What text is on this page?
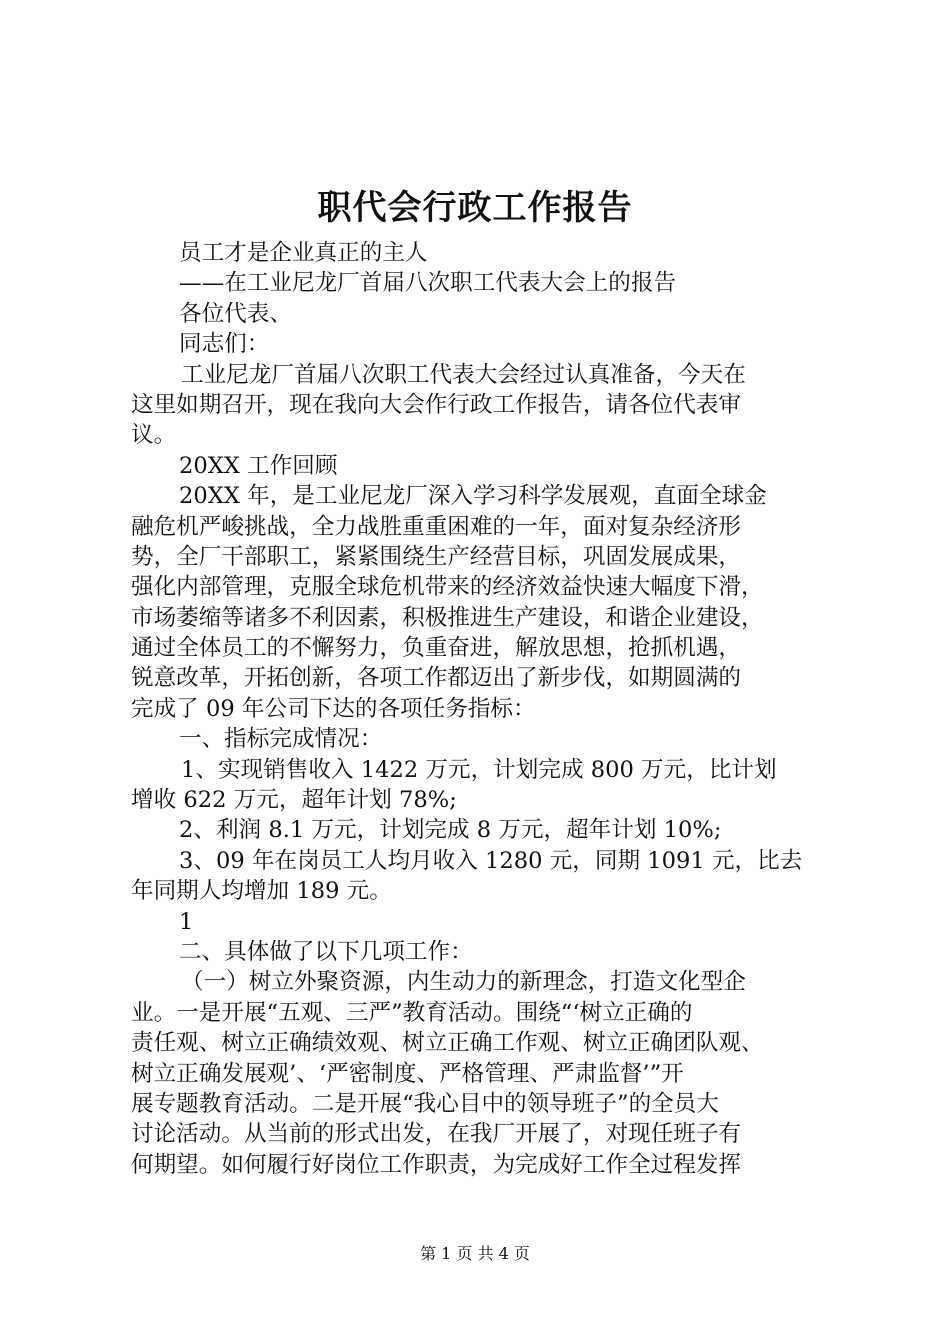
职代会行政工作报告
员工才是企业真正的主人
——在工业尼龙厂首届八次职工代表大会上的报告
各位代表、
同志们：
工业尼龙厂首届八次职工代表大会经过认真准备，今天在
这里如期召开，现在我向大会作行政工作报告，请各位代表审
议。
20XX 工作回顾
20XX 年，是工业尼龙厂深入学习科学发展观，直面全球金
融危机严峻挑战，全力战胜重重困难的一年，面对复杂经济形
势，全厂干部职工，紧紧围绕生产经营目标，巩固发展成果，
强化内部管理，克服全球危机带来的经济效益快速大幅度下滑，
市场萎缩等诸多不利因素，积极推进生产建设，和谐企业建设，
通过全体员工的不懈努力，负重奋进，解放思想，抢抓机遇，
锐意改革，开拓创新，各项工作都迈出了新步伐，如期圆满的
完成了 09 年公司下达的各项任务指标：
一、指标完成情况：
1、实现销售收入 1422 万元，计划完成 800 万元，比计划
增收 622 万元，超年计划 78%;
2、利润 8.1 万元，计划完成 8 万元，超年计划 10%;
3、09 年在岗员工人均月收入 1280 元，同期 1091 元，比去
年同期人均增加 189 元。
1
二、具体做了以下几项工作：
（一）树立外聚资源，内生动力的新理念，打造文化型企
业。一是开展“五观、三严”教育活动。围绕“‘树立正确的
责任观、树立正确绩效观、树立正确工作观、树立正确团队观、
树立正确发展观’、‘严密制度、严格管理、严肃监督’”开
展专题教育活动。二是开展“我心目中的领导班子”的全员大
讨论活动。从当前的形式出发，在我厂开展了，对现任班子有
何期望。如何履行好岗位工作职责，为完成好工作全过程发挥
第 1 页 共 4 页
